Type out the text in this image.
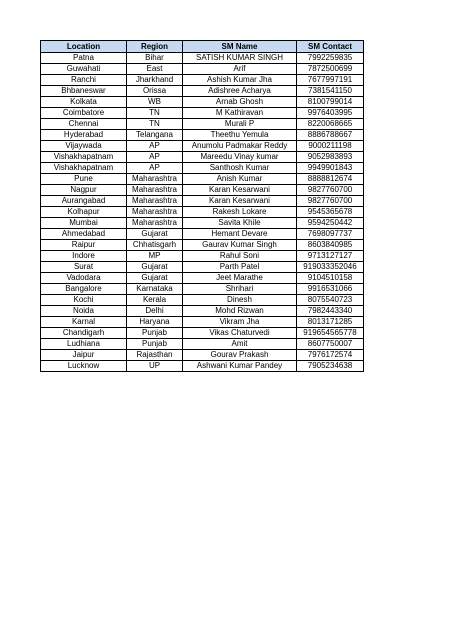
Location	Region	SM Name	SM Contact
Patna	Bihar	SATISH KUMAR SINGH	7992259835
Guwahati	East	Arif	7872500699
Ranchi	Jharkhand	Ashish Kumar Jha	7677997191
Bhbaneswar	Orissa	Adishree Acharya	7381541150
Kolkata	WB	Arnab Ghosh	8100799014
Coimbatore	TN	M Kathiravan	9976403995
Chennai	TN	Murali P	8220068665
Hyderabad	Telangana	Theethu Yemula	8886788667
Vijaywada	AP	Anumolu Padmakar Reddy	9000211198
Vishakhapatnam	AP	Mareedu Vinay kumar	9052983893
Vishakhapatnam	AP	Santhosh Kumar	9949901843
Pune	Maharashtra	Anish Kumar	8888812674
Nagpur	Maharashtra	Karan Kesarwani	9827760700
Aurangabad	Maharashtra	Karan Kesarwani	9827760700
Kolhapur	Maharashtra	Rakesh Lokare	9545365678
Mumbai	Maharashtra	Savita Khile	9594250442
Ahmedabad	Gujarat	Hemant Devare	7698097737
Raipur	Chhatisgarh	Gaurav Kumar Singh	8603840985
Indore	MP	Rahul Soni	9713127127
Surat	Gujarat	Parth Patel	919033352046
Vadodara	Gujarat	Jeet Marathe	9104510158
Bangalore	Karnataka	Shrihari	9916531066
Kochi	Kerala	Dinesh	8075540723
Noida	Delhi	Mohd Rizwan	7982443340
Karnal	Haryana	Vikram Jha	8013171285
Chandigarh	Punjab	Vikas Chaturvedi	919654565778
Ludhiana	Punjab	Amit	8607750007
Jaipur	Rajasthan	Gourav Prakash	7976172574
Lucknow	UP	Ashwani Kumar Pandey	7905234638
